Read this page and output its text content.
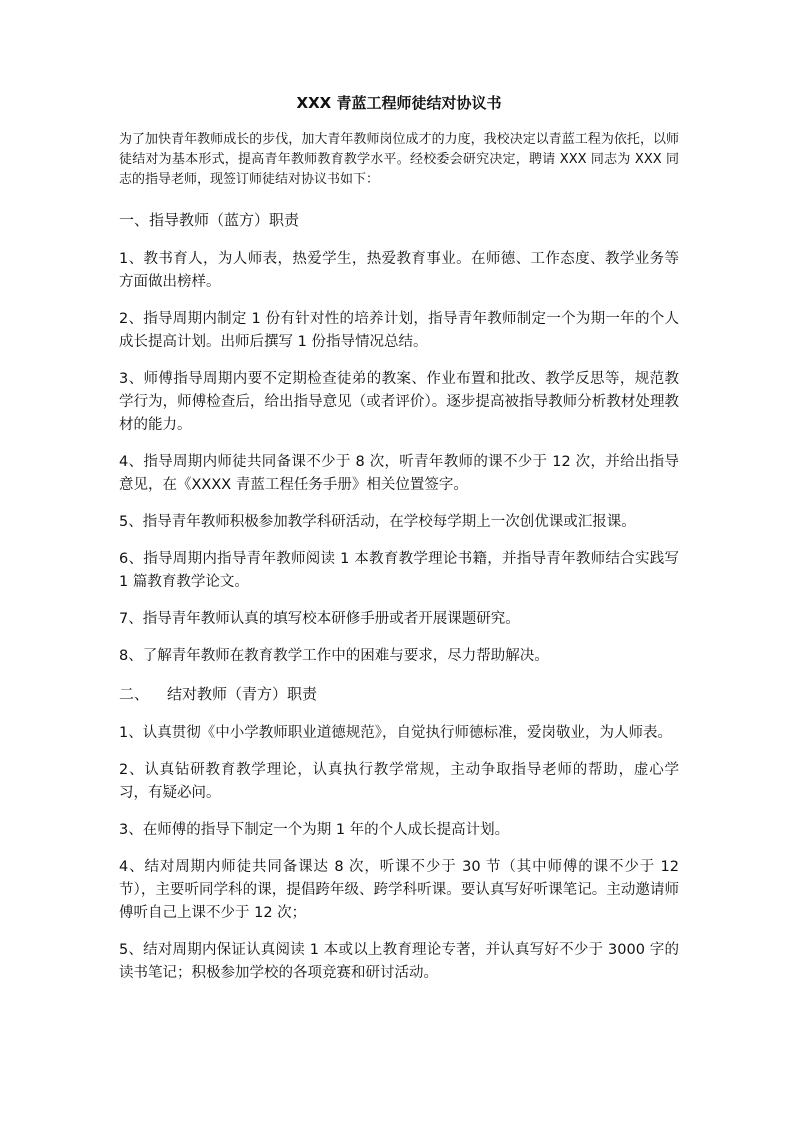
XXX 青蓝工程师徒结对协议书
为了加快青年教师成长的步伐，加大青年教师岗位成才的力度，我校决定以青蓝工程为依托，以师徒结对为基本形式，提高青年教师教育教学水平。经校委会研究决定，聘请 XXX 同志为 XXX 同志的指导老师，现签订师徒结对协议书如下：
一、指导教师（蓝方）职责
1、教书育人，为人师表，热爱学生，热爱教育事业。在师德、工作态度、教学业务等方面做出榜样。
2、指导周期内制定 1 份有针对性的培养计划，指导青年教师制定一个为期一年的个人成长提高计划。出师后撰写 1 份指导情况总结。
3、师傅指导周期内要不定期检查徒弟的教案、作业布置和批改、教学反思等，规范教学行为，师傅检查后，给出指导意见（或者评价）。逐步提高被指导教师分析教材处理教材的能力。
4、指导周期内师徒共同备课不少于 8 次，听青年教师的课不少于 12 次，并给出指导意见，在《XXXX 青蓝工程任务手册》相关位置签字。
5、指导青年教师积极参加教学科研活动，在学校每学期上一次创优课或汇报课。
6、指导周期内指导青年教师阅读 1 本教育教学理论书籍，并指导青年教师结合实践写 1 篇教育教学论文。
7、指导青年教师认真的填写校本研修手册或者开展课题研究。
8、了解青年教师在教育教学工作中的困难与要求，尽力帮助解决。
二、 结对教师（青方）职责
1、认真贯彻《中小学教师职业道德规范》，自觉执行师德标准，爱岗敬业，为人师表。
2、认真钻研教育教学理论，认真执行教学常规，主动争取指导老师的帮助，虚心学习，有疑必问。
3、在师傅的指导下制定一个为期 1 年的个人成长提高计划。
4、结对周期内师徒共同备课达 8 次，听课不少于 30 节（其中师傅的课不少于 12 节），主要听同学科的课，提倡跨年级、跨学科听课。要认真写好听课笔记。主动邀请师傅听自己上课不少于 12 次；
5、结对周期内保证认真阅读 1 本或以上教育理论专著，并认真写好不少于 3000 字的读书笔记；积极参加学校的各项竞赛和研讨活动。
